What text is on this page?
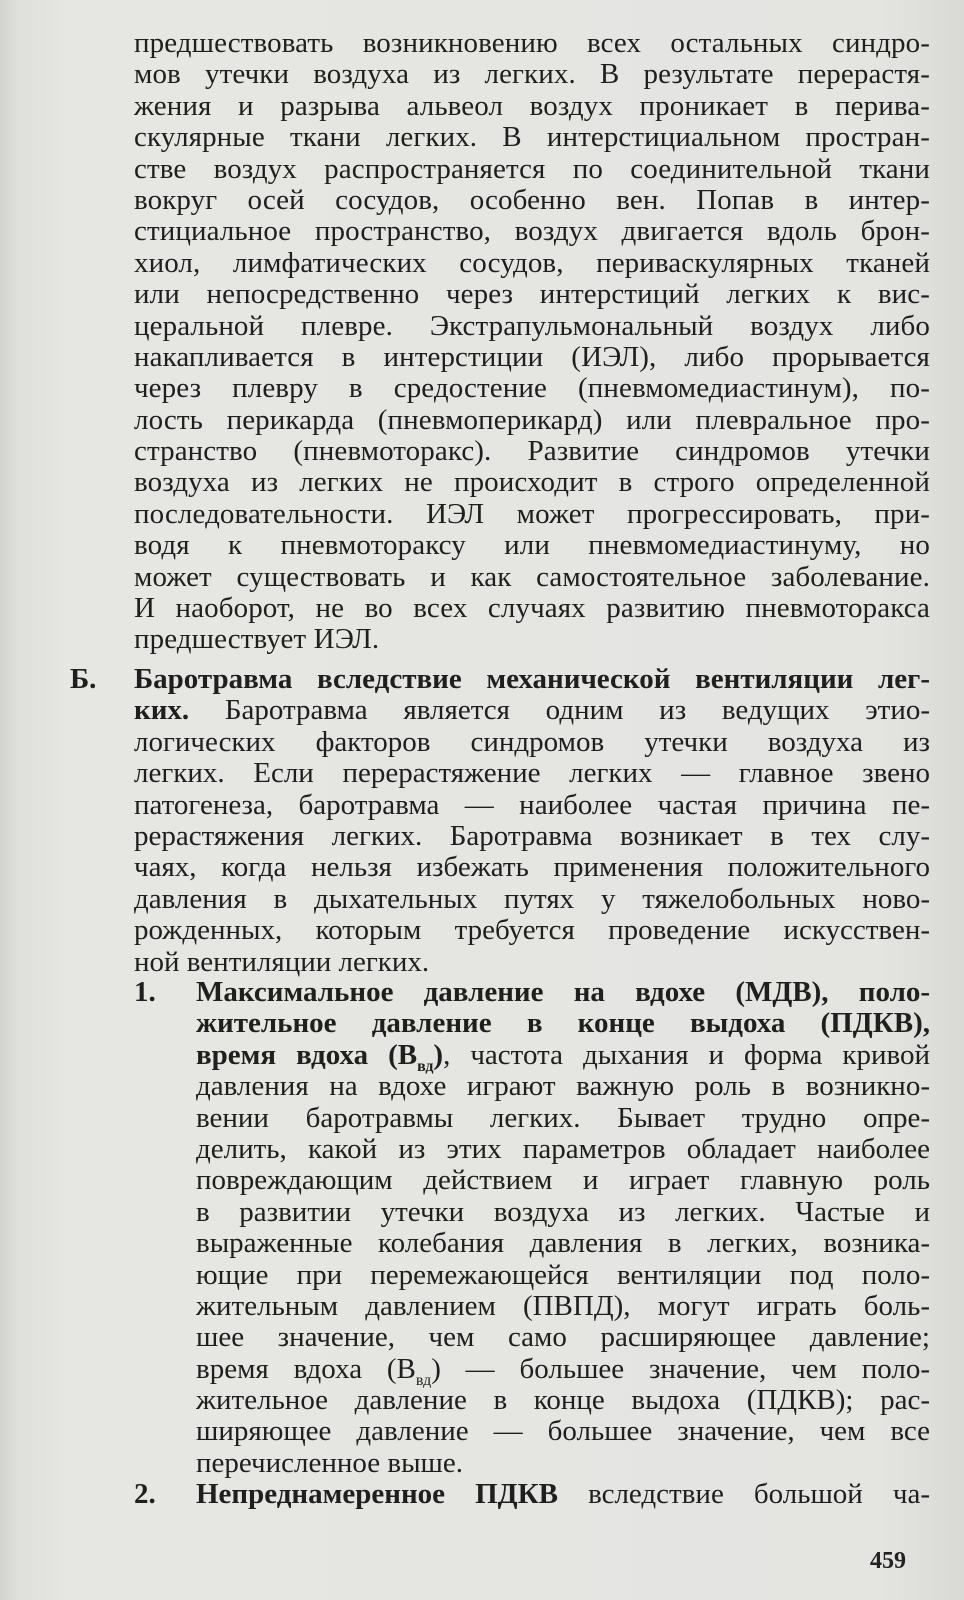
предшествовать возникновению всех остальных синдро-
мов утечки воздуха из легких. В результате перерастя-
жения и разрыва альвеол воздух проникает в перива-
скулярные ткани легких. В интерстициальном простран-
стве воздух распространяется по соединительной ткани
вокруг осей сосудов, особенно вен. Попав в интер-
стициальное пространство, воздух двигается вдоль брон-
хиол, лимфатических сосудов, периваскулярных тканей
или непосредственно через интерстиций легких к вис-
церальной плевре. Экстрапульмональный воздух либо
накапливается в интерстиции (ИЭЛ), либо прорывается
через плевру в средостение (пневмомедиастинум), по-
лость перикарда (пневмоперикард) или плевральное про-
странство (пневмоторакс). Развитие синдромов утечки
воздуха из легких не происходит в строго определенной
последовательности. ИЭЛ может прогрессировать, при-
водя к пневмотораксу или пневмомедиастинуму, но
может существовать и как самостоятельное заболевание.
И наоборот, не во всех случаях развитию пневмоторакса
предшествует ИЭЛ.
Б. Баротравма вследствие механической вентиляции лег-
ких. Баротравма является одним из ведущих этио-
логических факторов синдромов утечки воздуха из
легких. Если перерастяжение легких — главное звено
патогенеза, баротравма — наиболее частая причина пе-
рерастяжения легких. Баротравма возникает в тех слу-
чаях, когда нельзя избежать применения положительного
давления в дыхательных путях у тяжелобольных ново-
рожденных, которым требуется проведение искусствен-
ной вентиляции легких.
1. Максимальное давление на вдохе (МДВ), поло-
жительное давление в конце выдоха (ПДКВ),
время вдоха $(В_{вд})$, частота дыхания и форма кривой
давления на вдохе играют важную роль в возникно-
вении баротравмы легких. Бывает трудно опре-
делить, какой из этих параметров обладает наиболее
повреждающим действием и играет главную роль
в развитии утечки воздуха из легких. Частые и
выраженные колебания давления в легких, возника-
ющие при перемежающейся вентиляции под поло-
жительным давлением (ПВПД), могут играть боль-
шее значение, чем само расширяющее давление;
время вдоха $(В_{вд})$ — большее значение, чем поло-
жительное давление в конце выдоха (ПДКВ); рас-
ширяющее давление — большее значение, чем все
перечисленное выше.
2. Непреднамеренное ПДКВ вследствие большой ча-
459
